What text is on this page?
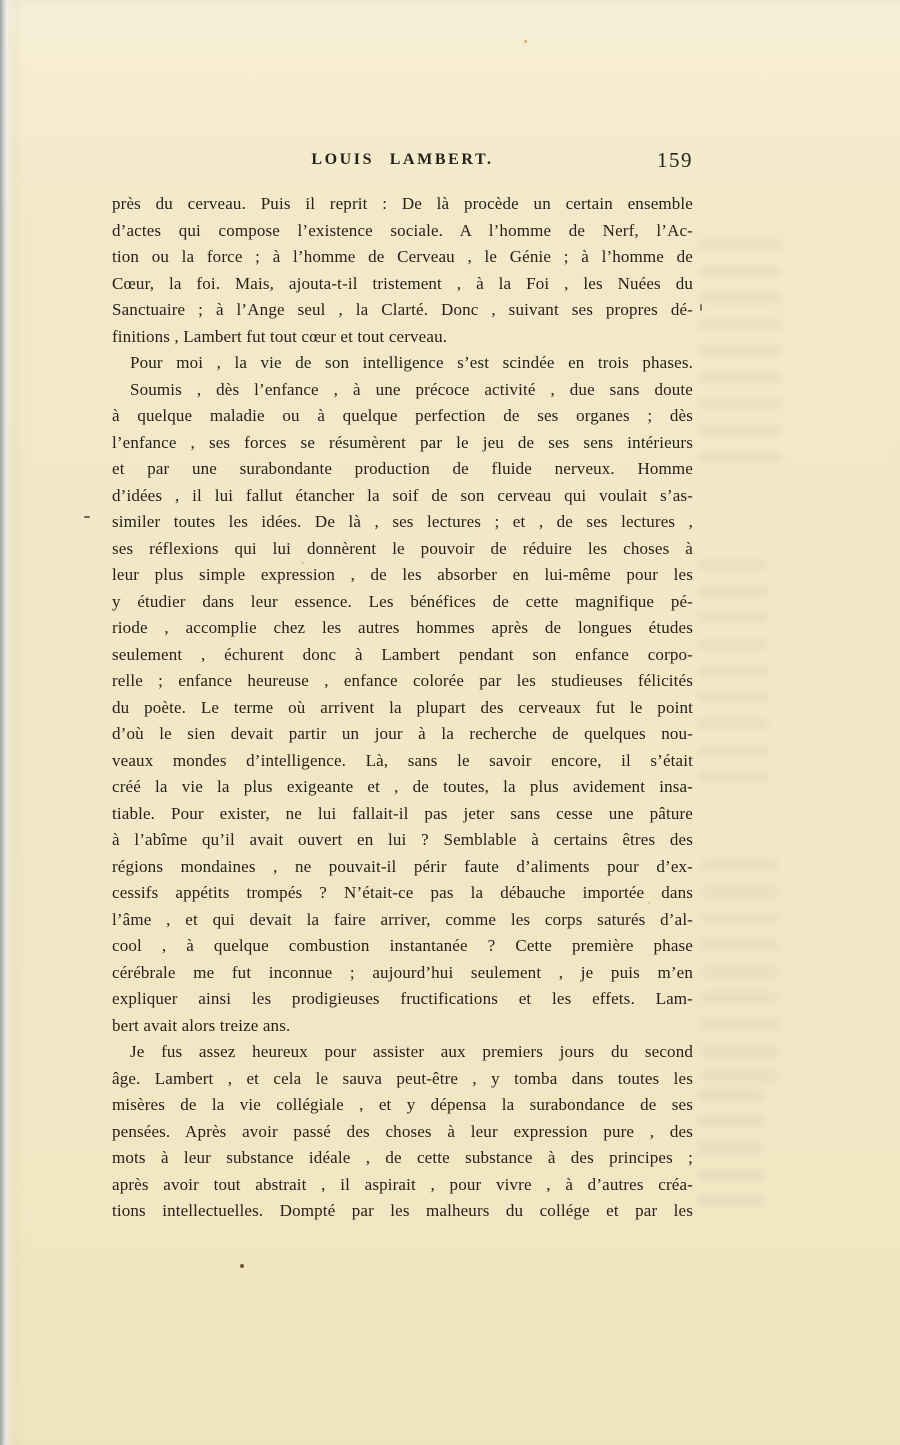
LOUIS LAMBERT.	159
près du cerveau. Puis il reprit : De là procède un certain ensemble
d’actes qui compose l’existence sociale. A l’homme de Nerf, l’Ac-
tion ou la force ; à l’homme de Cerveau , le Génie ; à l’homme de
Cœur, la foi. Mais, ajouta-t-il tristement , à la Foi , les Nuées du
Sanctuaire ; à l’Ange seul , la Clarté. Donc , suivant ses propres dé-
finitions , Lambert fut tout cœur et tout cerveau.
Pour moi , la vie de son intelligence s’est scindée en trois phases.
Soumis , dès l’enfance , à une précoce activité , due sans doute
à quelque maladie ou à quelque perfection de ses organes ; dès
l’enfance , ses forces se résumèrent par le jeu de ses sens intérieurs
et par une surabondante production de fluide nerveux. Homme
d’idées , il lui fallut étancher la soif de son cerveau qui voulait s’as-
similer toutes les idées. De là , ses lectures ; et , de ses lectures ,
ses réflexions qui lui donnèrent le pouvoir de réduire les choses à
leur plus simple expression , de les absorber en lui-même pour les
y étudier dans leur essence. Les bénéfices de cette magnifique pé-
riode , accomplie chez les autres hommes après de longues études
seulement , échurent donc à Lambert pendant son enfance corpo-
relle ; enfance heureuse , enfance colorée par les studieuses félicités
du poète. Le terme où arrivent la plupart des cerveaux fut le point
d’où le sien devait partir un jour à la recherche de quelques nou-
veaux mondes d’intelligence. Là, sans le savoir encore, il s’était
créé la vie la plus exigeante et , de toutes, la plus avidement insa-
tiable. Pour exister, ne lui fallait-il pas jeter sans cesse une pâture
à l’abîme qu’il avait ouvert en lui ? Semblable à certains êtres des
régions mondaines , ne pouvait-il périr faute d’aliments pour d’ex-
cessifs appétits trompés ? N’était-ce pas la débauche importée dans
l’âme , et qui devait la faire arriver, comme les corps saturés d’al-
cool , à quelque combustion instantanée ? Cette première phase
cérébrale me fut inconnue ; aujourd’hui seulement , je puis m’en
expliquer ainsi les prodigieuses fructifications et les effets. Lam-
bert avait alors treize ans.
Je fus assez heureux pour assister aux premiers jours du second
âge. Lambert , et cela le sauva peut-être , y tomba dans toutes les
misères de la vie collégiale , et y dépensa la surabondance de ses
pensées. Après avoir passé des choses à leur expression pure , des
mots à leur substance idéale , de cette substance à des principes ;
après avoir tout abstrait , il aspirait , pour vivre , à d’autres créa-
tions intellectuelles. Dompté par les malheurs du collége et par les
